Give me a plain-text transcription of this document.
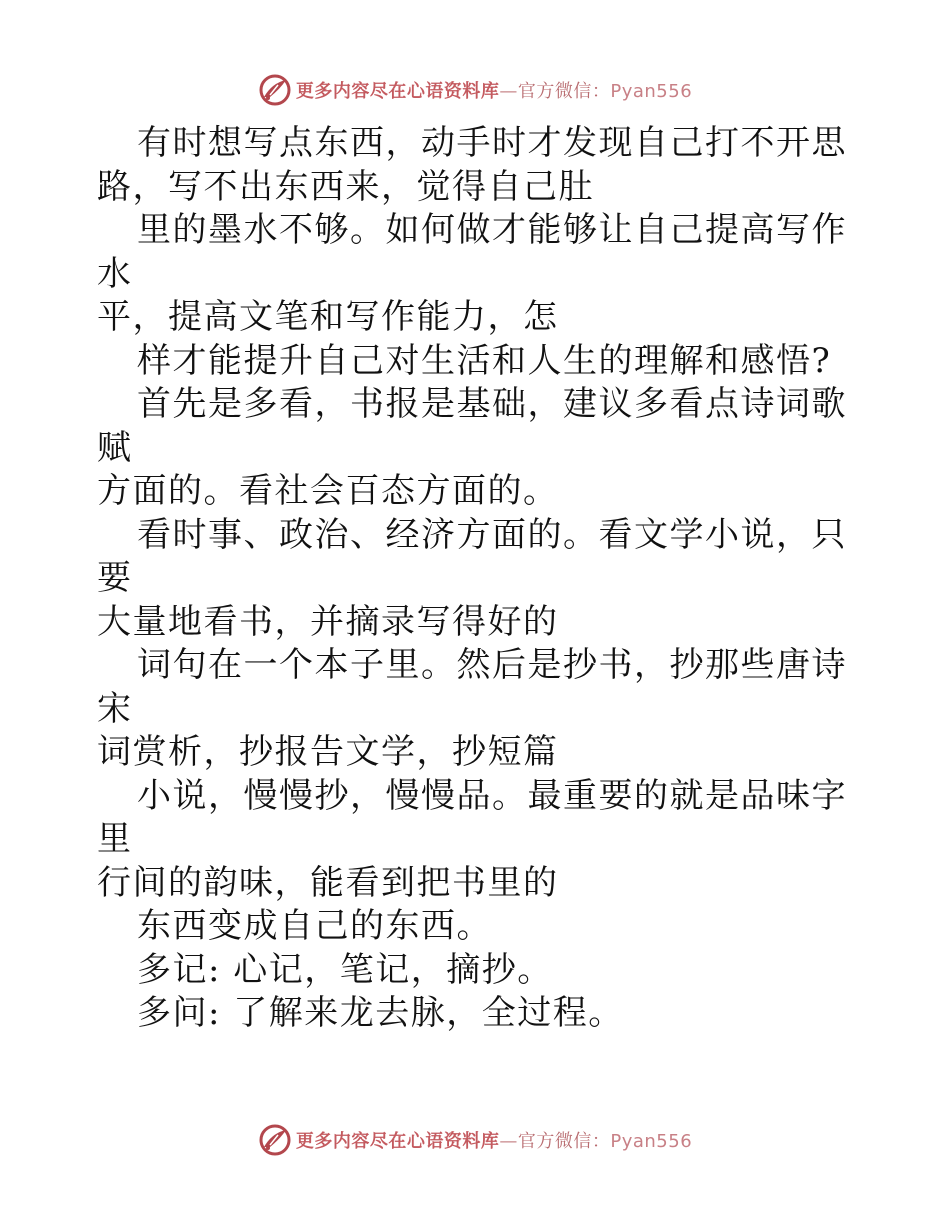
更多内容尽在心语资料库—官方微信：Pyan556

有时想写点东西，动手时才发现自己打不开思
路，写不出东西来，觉得自己肚

里的墨水不够。如何做才能够让自己提高写作水
平，提高文笔和写作能力，怎

样才能提升自己对生活和人生的理解和感悟?

首先是多看，书报是基础，建议多看点诗词歌赋
方面的。看社会百态方面的。

看时事、政治、经济方面的。看文学小说，只要
大量地看书，并摘录写得好的

词句在一个本子里。然后是抄书，抄那些唐诗宋
词赏析，抄报告文学，抄短篇

小说，慢慢抄，慢慢品。最重要的就是品味字里
行间的韵味，能看到把书里的

东西变成自己的东西。

多记: 心记，笔记，摘抄。

多问: 了解来龙去脉，全过程。

更多内容尽在心语资料库—官方微信：Pyan556
